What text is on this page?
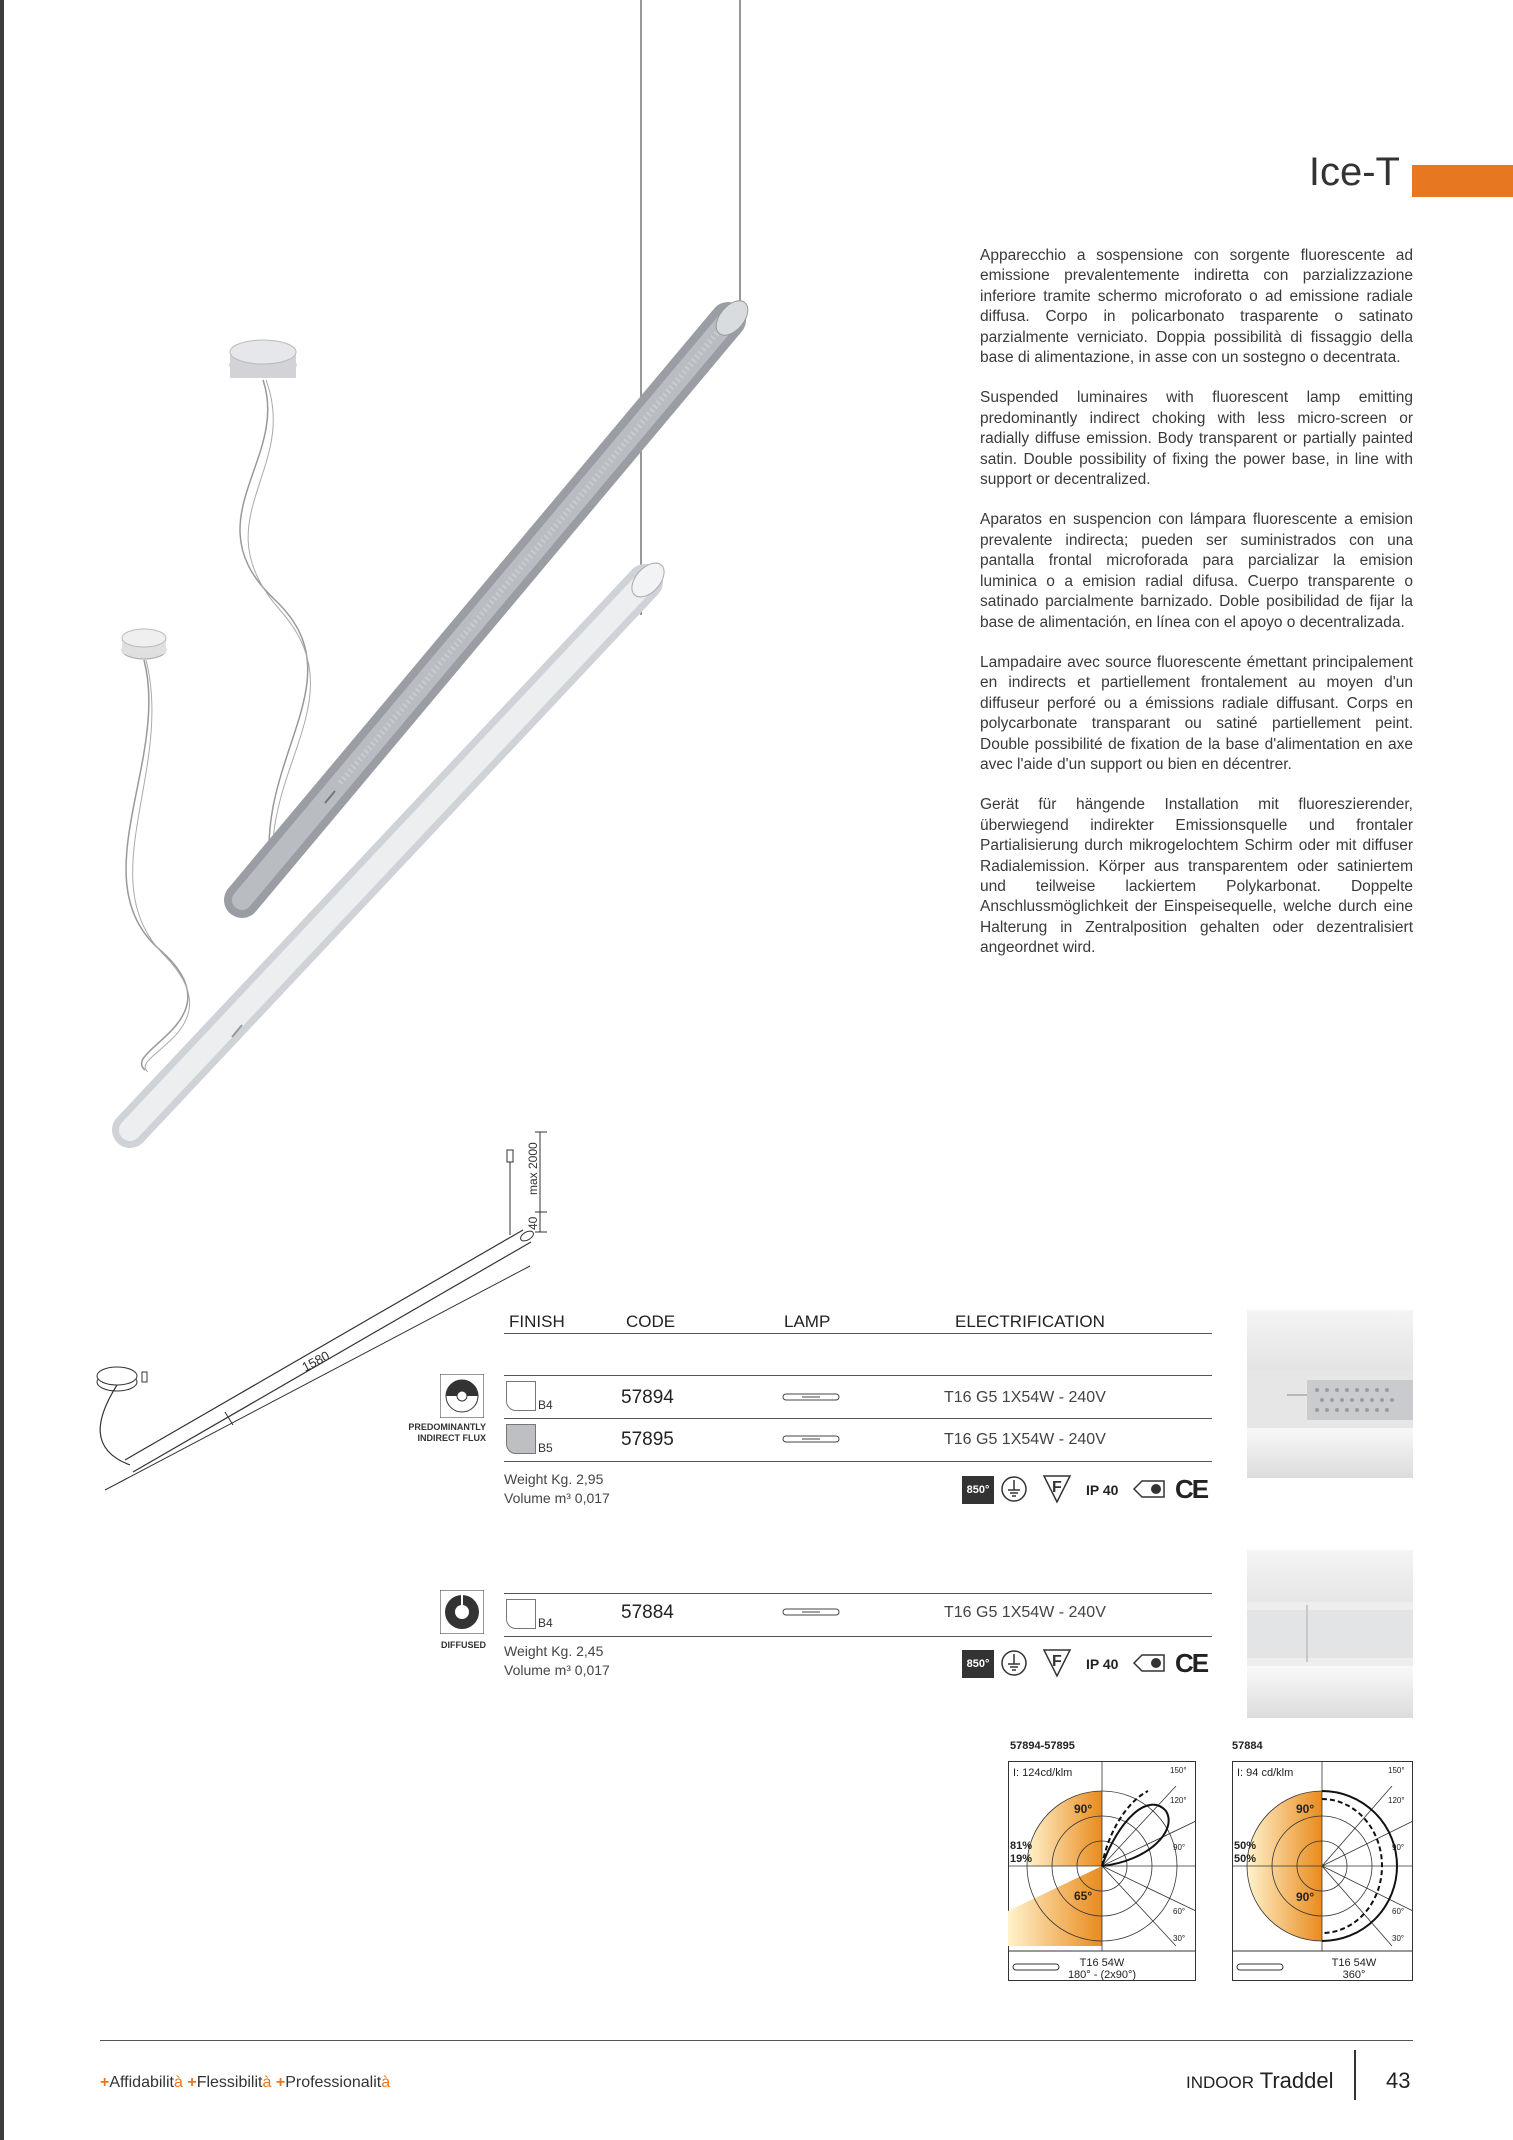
Ice-T

Apparecchio a sospensione con sorgente fluorescente ad emissione prevalentemente indiretta con parzializzazione inferiore tramite schermo microforato o ad emissione radiale diffusa. Corpo in policarbonato trasparente o satinato parzialmente verniciato. Doppia possibilità di fissaggio della base di alimentazione, in asse con un sostegno o decentrata.

Suspended luminaires with fluorescent lamp emitting predominantly indirect choking with less micro-screen or radially diffuse emission. Body transparent or partially painted satin. Double possibility of fixing the power base, in line with support or decentralized.

Aparatos en suspencion con lámpara fluorescente a emision prevalente indirecta; pueden ser suministrados con una pantalla frontal microforada para parcializar la emision luminica o a emision radial difusa. Cuerpo transparente o satinado parcialmente barnizado. Doble posibilidad de fijar la base de alimentación, en línea con el apoyo o decentralizada.

Lampadaire avec source fluorescente émettant principalement en indirects et partiellement frontalement au moyen d'un diffuseur perforé ou a émissions radiale diffusant. Corps en polycarbonate transparant ou satiné partiellement peint. Double possibilité de fixation de la base d'alimentation en axe avec l'aide d'un support ou bien en décentrer.

Gerät für hängende Installation mit fluoreszierender, überwiegend indirekter Emissionsquelle und frontaler Partialisierung durch mikrogelochtem Schirm oder mit diffuser Radialemission. Körper aus transparentem oder satiniertem und teilweise lackiertem Polykarbonat. Doppelte Anschlussmöglichkeit der Einspeisequelle, welche durch eine Halterung in Zentralposition gehalten oder dezentralisiert angeordnet wird.

max 2000
40
1580
FINISH	CODE	LAMP	ELECTRIFICATION
PREDOMINANTLY
INDIRECT FLUX
B4	57894	T16 G5 1X54W - 240V
B5	57895	T16 G5 1X54W - 240V
Weight Kg. 2,95
Volume m³ 0,017	850°	F IP 40 CE
DIFFUSED
B4	57884	T16 G5 1X54W - 240V
Weight Kg. 2,45
Volume m³ 0,017	850°	F IP 40 CE
57894-57895
I: 124cd/klm
90°
65°
81%
19%
150°
120°
90°
60°
30°
T16 54W
180° - (2x90°)
57884
I: 94 cd/klm
90°
90°
50%
50%
150°
120°
90°
60°
30°
T16 54W
360°
+Affidabilità +Flessibilità +Professionalità	INDOOR Traddel 43
